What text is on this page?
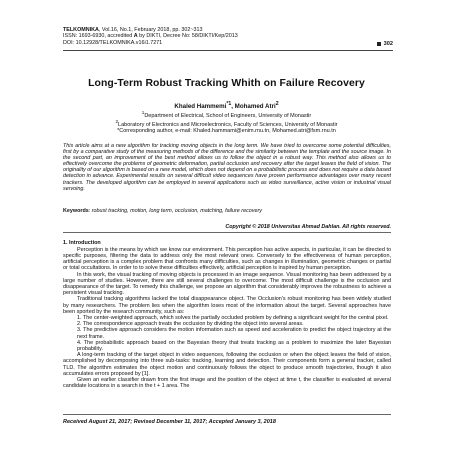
TELKOMNIKA, Vol.16, No.1, February 2018, pp. 302~313
ISSN: 1693-6930, accredited A by DIKTI, Decree No: 58/DIKTI/Kep/2013
DOI: 10.12928/TELKOMNIKA.v16i1.7271	302
Long-Term Robust Tracking Whith on Failure Recovery
Khaled Hammemi$^{*1}$, Mohamed Atri$^2$
$^1$Department of Electrical, School of Engineers, University of Monastir
$^2$Laboratory of Electronics and Microelectronics, Faculty of Sciences, University of Monastir
*Corresponding author, e-mail: Khaled.hammami@enim.rnu.tn, Mohamed.atri@fsm.rnu.tn
This article aims at a new algorithm for tracking moving objects in the long term. We have tried to overcome some potential difficulties, first by a comparative study of the measuring methods of the difference and the similarity between the template and the source image. In the second part, an improvement of the best method allows us to follow the object in a robust way. This method also allows us to effectively overcome the problems of geometric deformation, partial occlusion and recovery after the target leaves the field of vision. The originality of our algorithm is based on a new model, which does not depend on a probabilistic process and does not require a data based detection in advance. Experimental results on several difficult video sequences have proven performance advantages over many recent trackers. The developed algorithm can be employed in several applications such as video surveillance, active vision or industrial visual servoing.
Keywords: robust tracking, motion, long term, occlusion, matching, failure recovery
Copyright © 2018 Universitas Ahmad Dahlan. All rights reserved.
1. Introduction

Perception is the means by which we know our environment. This perception has active aspects, in particular, it can be directed to specific purposes, filtering the data to address only the most relevant ones. Conversely to the effectiveness of human perception, artificial perception is a complex problem that confronts many difficulties, such as changes in illumination, geometric changes or partial or total occultations. In order to to solve these difficulties effectively, artificial perception is inspired by human perception.

In this work, the visual tracking of moving objects is processed in an image sequence. Visual monitoring has been addressed by a large number of studies. However, there are still several challenges to overcome. The most difficult challenge is the occlusion and disappearance of the target. To remedy this challenge, we propose an algorithm that considerably improves the robustness to achieve a persistent visual tracking.

Traditional tracking algorithms lacked the total disappearance object. The Occlusion's robust monitoring has been widely studied by many researchers. The problem lies when the algorithm loses most of the information about the target. Several approaches have been sported by the research community, such as:

1. The center-weighted approach, which solves the partially occluded problem by defining a significant weight for the central pixel.
2. The correspondence approach treats the occlusion by dividing the object into several areas.
3. The predictive approach considers the motion information such as speed and acceleration to predict the object trajectory at the next frame.
4. The probabilistic approach based on the Bayesian theory that treats tracking as a problem to maximize the later Bayesian probability.

A long-term tracking of the target object in video sequences, following the occlusion or when the object leaves the field of vision, accomplished by decomposing into three sub-tasks: tracking, learning and detection. Their components form a general tracker, called TLD. The algorithm estimates the object motion and continuously follows the object to produce smooth trajectories, though it also accumulates errors proposed by [1].

Given an earlier classifier drawn from the first image and the position of the object at time t, the classifier is evaluated at several candidate locations in a search in the t + 1 area. The

Received August 21, 2017; Revised December 11, 2017; Accepted January 3, 2018
